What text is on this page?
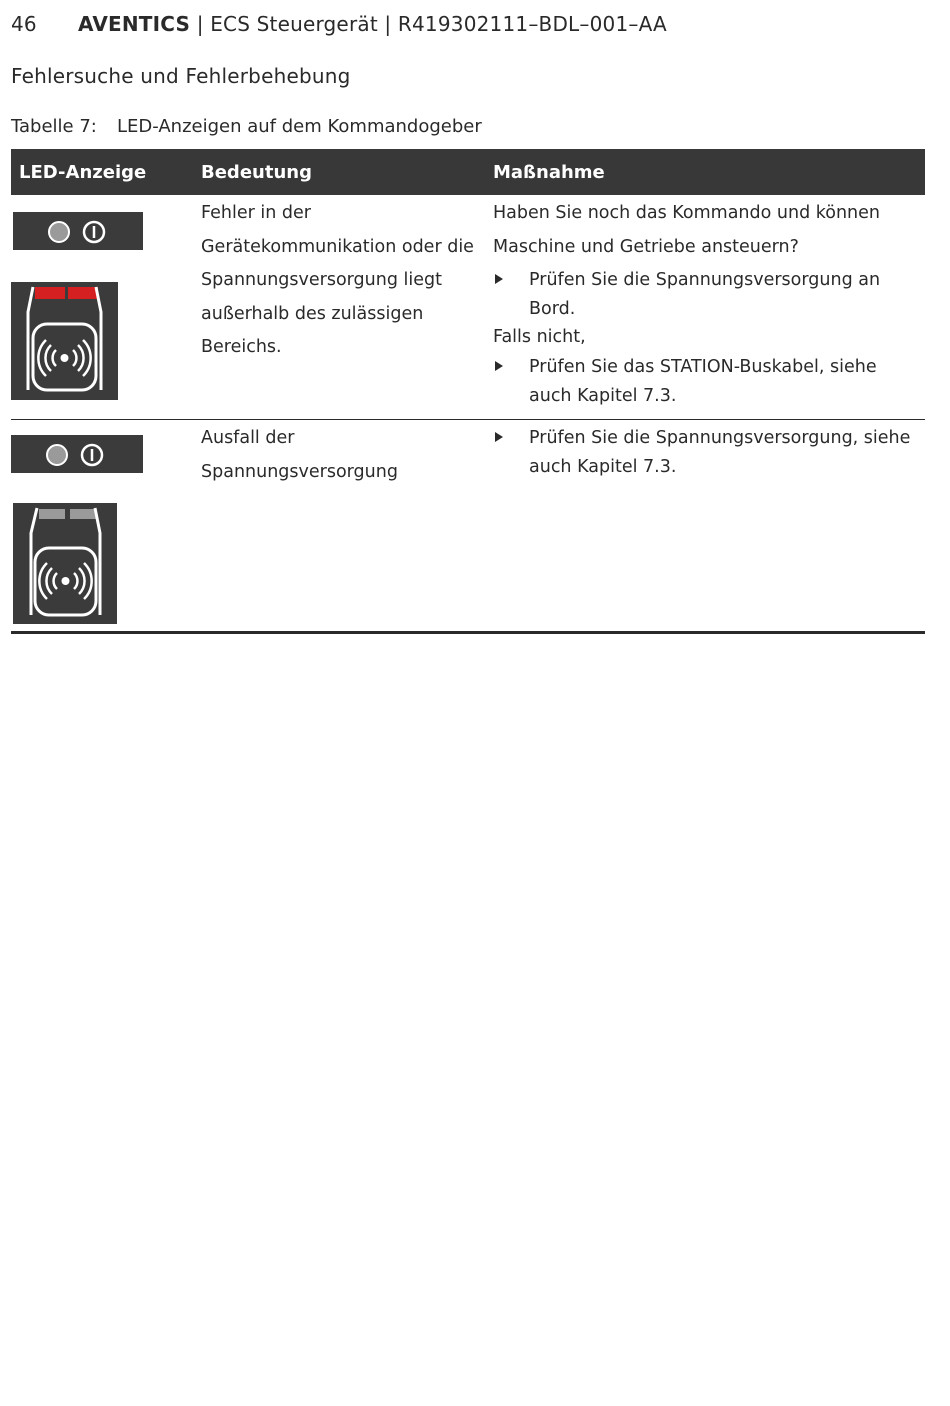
46 AVENTICS | ECS Steuergerät | R419302111–BDL–001–AA
Fehlersuche und Fehlerbehebung
Tabelle 7: LED-Anzeigen auf dem Kommandogeber
LED-Anzeige	Bedeutung	Maßnahme

	Fehler in der Gerätekommunikation oder die Spannungsversorgung liegt außerhalb des zulässigen Bereichs.	Haben Sie noch das Kommando und können Maschine und Getriebe ansteuern?
Prüfen Sie die Spannungsversorgung an Bord.
Falls nicht,
Prüfen Sie das STATION-Buskabel, siehe auch Kapitel 7.3.

	Ausfall der Spannungsversorgung	Prüfen Sie die Spannungsversorgung, siehe auch Kapitel 7.3.
